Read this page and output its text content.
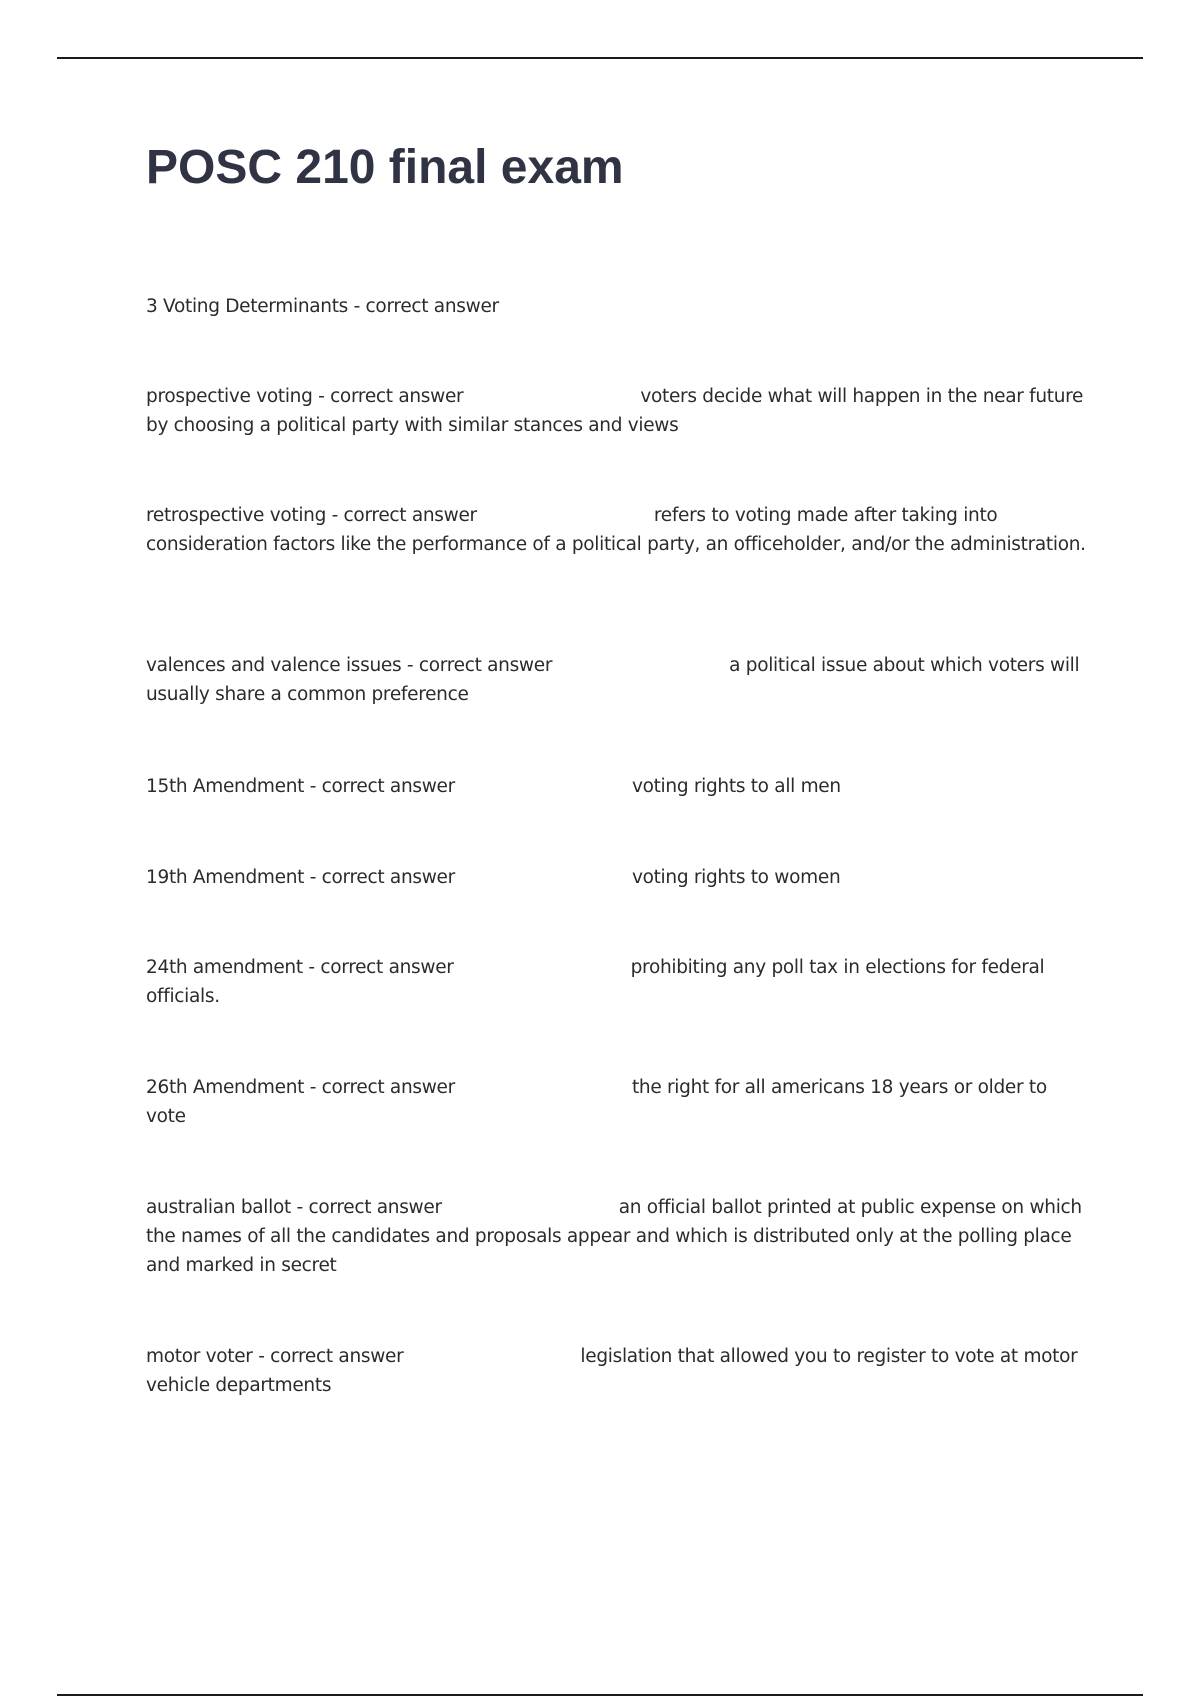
POSC 210 final exam

3 Voting Determinants - correct answer

prospective voting - correct answer	voters decide what will happen in the near future by choosing a political party with similar stances and views

retrospective voting - correct answer	refers to voting made after taking into consideration factors like the performance of a political party, an officeholder, and/or the administration.

valences and valence issues - correct answer	a political issue about which voters will usually share a common preference

15th Amendment - correct answer	voting rights to all men

19th Amendment - correct answer	voting rights to women

24th amendment - correct answer	prohibiting any poll tax in elections for federal officials.

26th Amendment - correct answer	the right for all americans 18 years or older to vote

australian ballot - correct answer	an official ballot printed at public expense on which the names of all the candidates and proposals appear and which is distributed only at the polling place and marked in secret

motor voter - correct answer	legislation that allowed you to register to vote at motor vehicle departments
